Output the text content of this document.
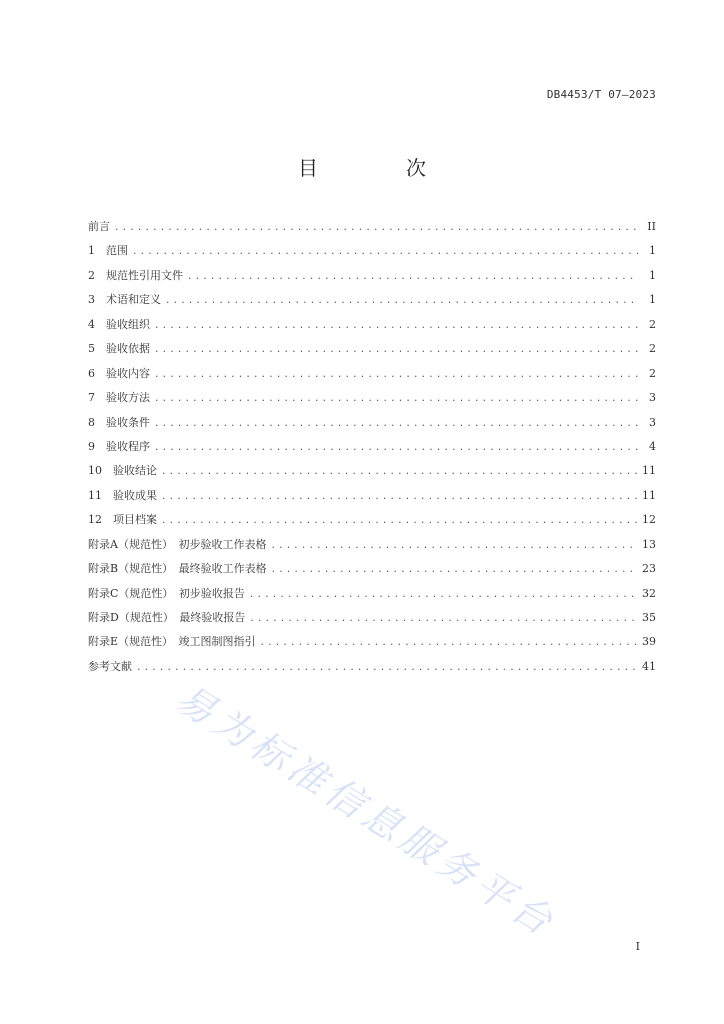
DB4453/T 07—2023
目　次
前言 .....	II
1　 范围 .....	1
2　 规范性引用文件 .....	1
3　 术语和定义 .....	1
4　 验收组织 .....	2
5　 验收依据 .....	2
6　 验收内容 .....	2
7　 验收方法 .....	3
8　 验收条件 .....	3
9　 验收程序 .....	4
10　 验收结论 .....	11
11　 验收成果 .....	11
12　 项目档案 .....	12
附录A（规范性）　初步验收工作表格 .....	13
附录B（规范性）　最终验收工作表格 .....	23
附录C（规范性）　初步验收报告 .....	32
附录D（规范性）　最终验收报告 .....	35
附录E（规范性）　竣工图制图指引 .....	39
参考文献 .....	41
易为标准信息服务平台
I
